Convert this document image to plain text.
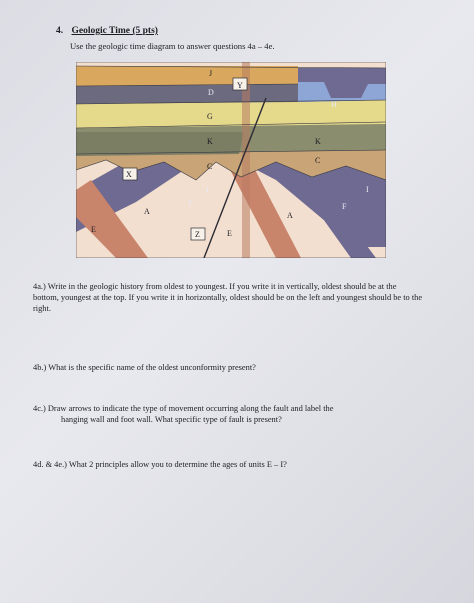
4. Geologic Time (5 pts)
Use the geologic time diagram to answer questions 4a – 4e.
J
D
Y
H
G
K	K
C
C
X
I	I
F	F
A	A
E	E
Z
4a.) Write in the geologic history from oldest to youngest. If you write it in vertically, oldest should be at the bottom, youngest at the top. If you write it in horizontally, oldest should be on the left and youngest should be to the right.
4b.) What is the specific name of the oldest unconformity present?
4c.) Draw arrows to indicate the type of movement occurring along the fault and label the
hanging wall and foot wall. What specific type of fault is present?
4d. & 4e.) What 2 principles allow you to determine the ages of units E – I?
